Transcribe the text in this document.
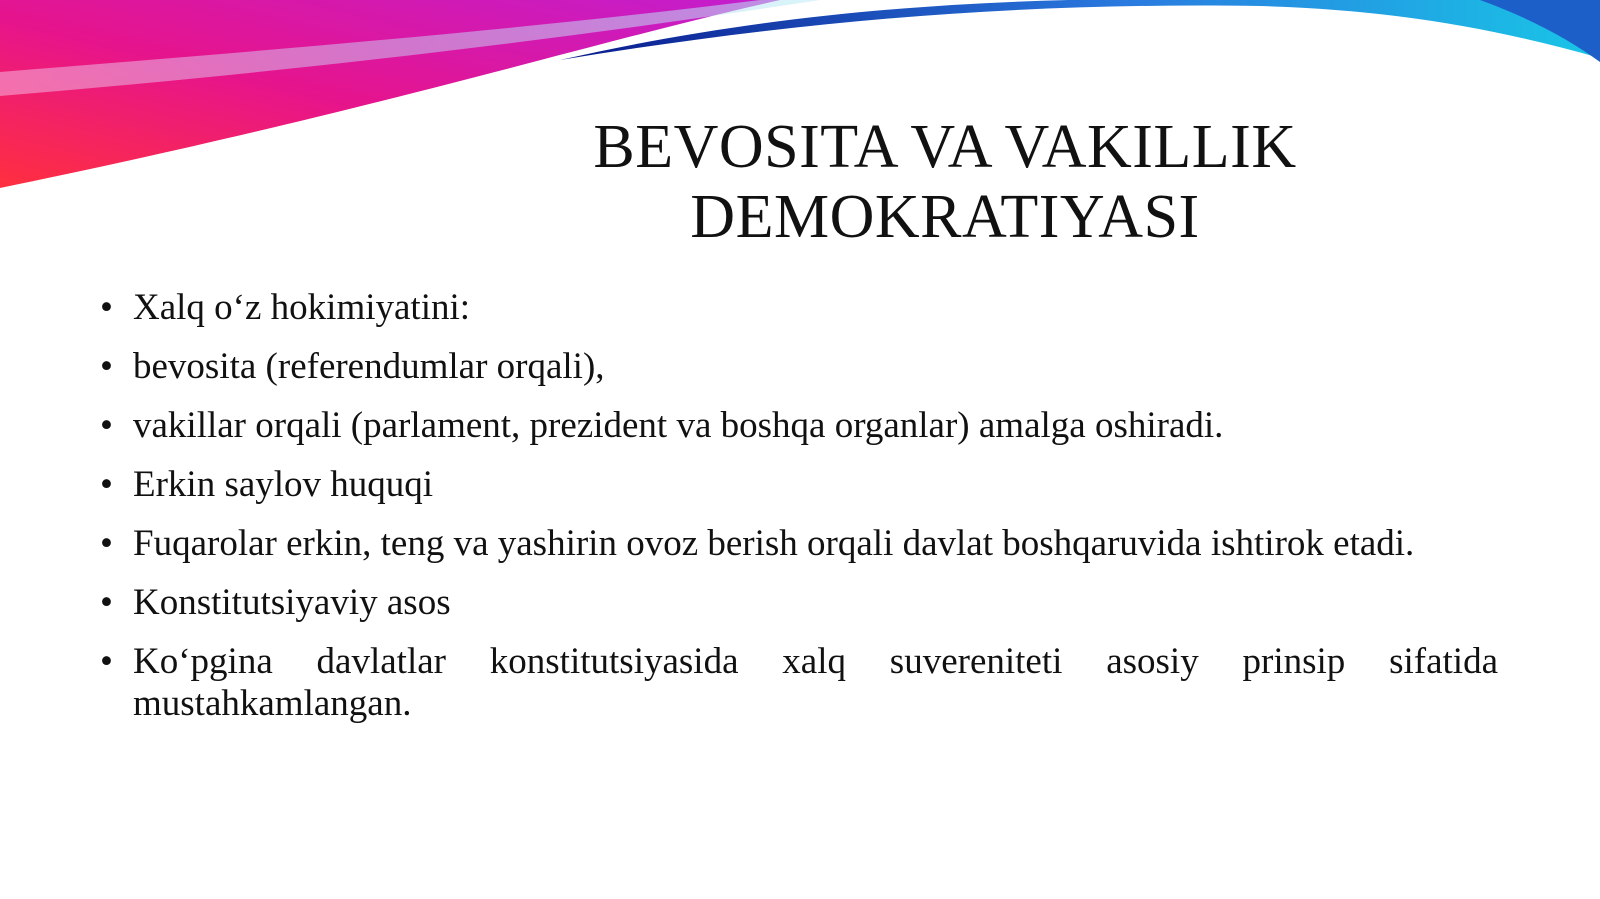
BEVOSITA VA VAKILLIK
DEMOKRATIYASI
• Xalq o‘z hokimiyatini:
• bevosita (referendumlar orqali),
• vakillar orqali (parlament, prezident va boshqa organlar) amalga oshiradi.
• Erkin saylov huquqi
• Fuqarolar erkin, teng va yashirin ovoz berish orqali davlat boshqaruvida ishtirok etadi.
• Konstitutsiyaviy asos
• Ko‘pgina davlatlar konstitutsiyasida xalq suvereniteti asosiy prinsip sifatida mustahkamlangan.
